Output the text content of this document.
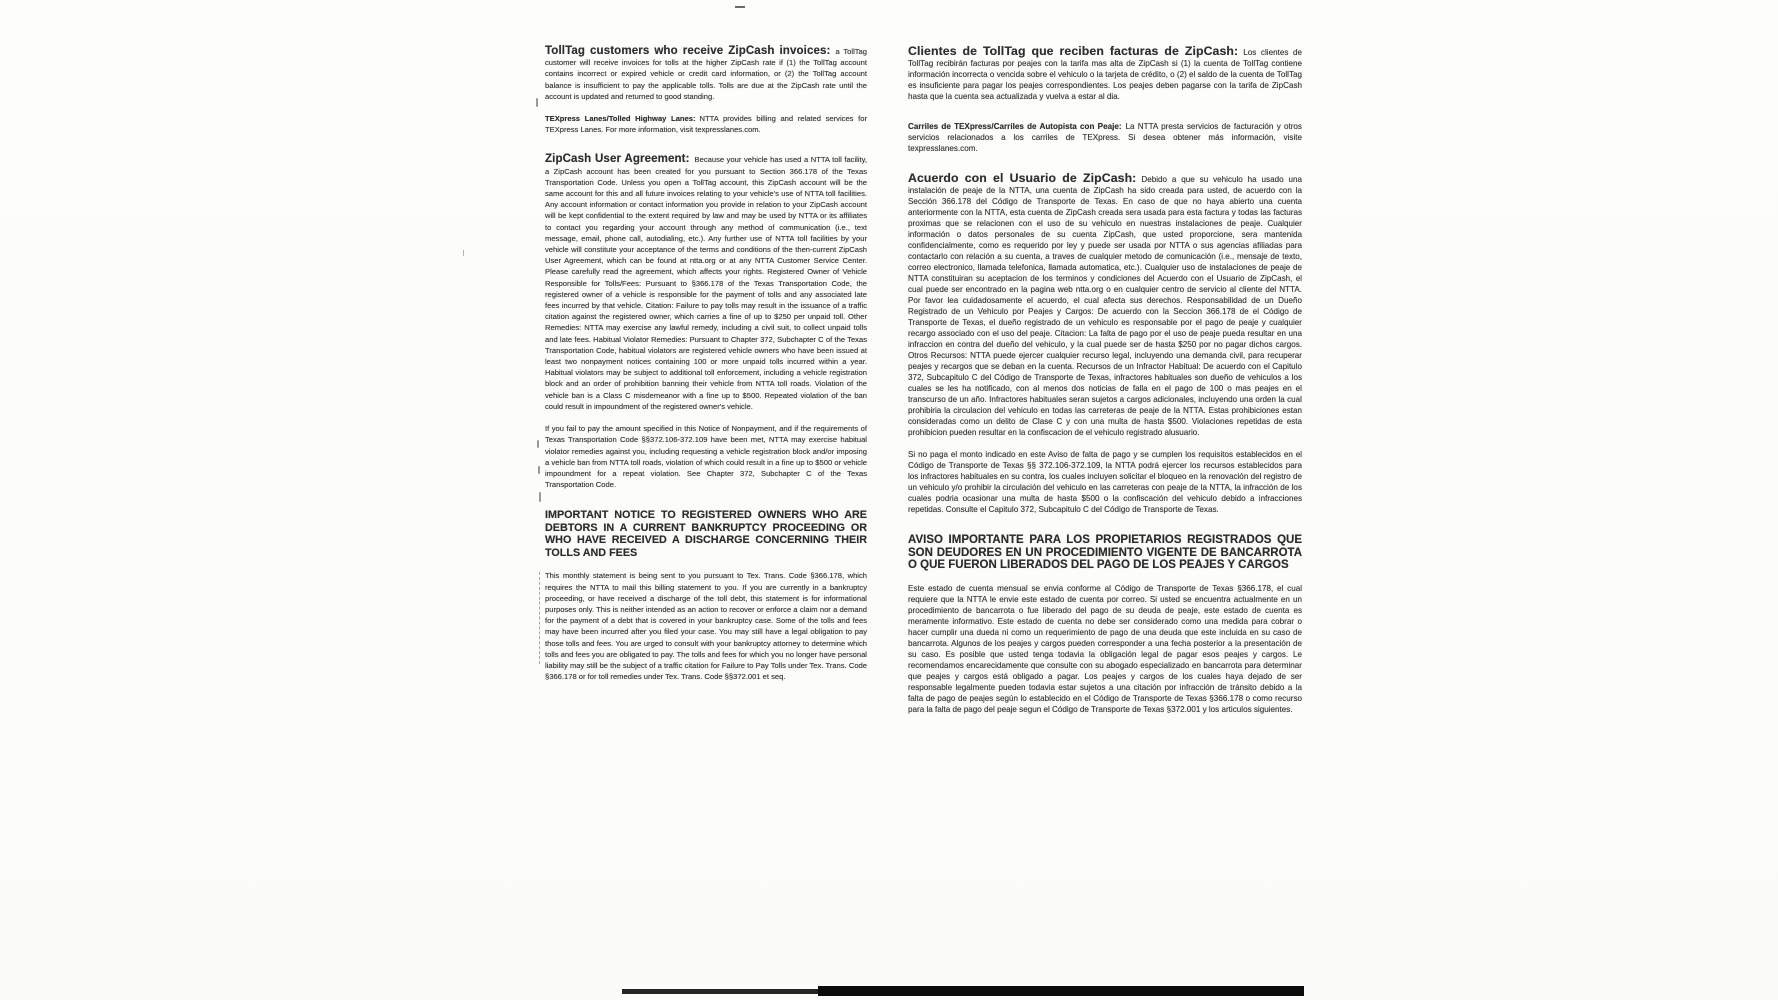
TollTag customers who receive ZipCash invoices: a TollTag customer will receive invoices for tolls at the higher ZipCash rate if (1) the TollTag account contains incorrect or expired vehicle or credit card information, or (2) the TollTag account balance is insufficient to pay the applicable tolls. Tolls are due at the ZipCash rate until the account is updated and returned to good standing.

TEXpress Lanes/Tolled Highway Lanes: NTTA provides billing and related services for TEXpress Lanes. For more information, visit texpresslanes.com.

ZipCash User Agreement: Because your vehicle has used a NTTA toll facility, a ZipCash account has been created for you pursuant to Section 366.178 of the Texas Transportation Code. Unless you open a TollTag account, this ZipCash account will be the same account for this and all future invoices relating to your vehicle's use of NTTA toll facilities. Any account information or contact information you provide in relation to your ZipCash account will be kept confidential to the extent required by law and may be used by NTTA or its affiliates to contact you regarding your account through any method of communication (i.e., text message, email, phone call, autodialing, etc.). Any further use of NTTA toll facilities by your vehicle will constitute your acceptance of the terms and conditions of the then-current ZipCash User Agreement, which can be found at ntta.org or at any NTTA Customer Service Center. Please carefully read the agreement, which affects your rights. Registered Owner of Vehicle Responsible for Tolls/Fees: Pursuant to §366.178 of the Texas Transportation Code, the registered owner of a vehicle is responsible for the payment of tolls and any associated late fees incurred by that vehicle. Citation: Failure to pay tolls may result in the issuance of a traffic citation against the registered owner, which carries a fine of up to $250 per unpaid toll. Other Remedies: NTTA may exercise any lawful remedy, including a civil suit, to collect unpaid tolls and late fees. Habitual Violator Remedies: Pursuant to Chapter 372, Subchapter C of the Texas Transportation Code, habitual violators are registered vehicle owners who have been issued at least two nonpayment notices containing 100 or more unpaid tolls incurred within a year. Habitual violators may be subject to additional toll enforcement, including a vehicle registration block and an order of prohibition banning their vehicle from NTTA toll roads. Violation of the vehicle ban is a Class C misdemeanor with a fine up to $500. Repeated violation of the ban could result in impoundment of the registered owner's vehicle.

If you fail to pay the amount specified in this Notice of Nonpayment, and if the requirements of Texas Transportation Code §§372.106-372.109 have been met, NTTA may exercise habitual violator remedies against you, including requesting a vehicle registration block and/or imposing a vehicle ban from NTTA toll roads, violation of which could result in a fine up to $500 or vehicle impoundment for a repeat violation. See Chapter 372, Subchapter C of the Texas Transportation Code.

IMPORTANT NOTICE TO REGISTERED OWNERS WHO ARE DEBTORS IN A CURRENT BANKRUPTCY PROCEEDING OR WHO HAVE RECEIVED A DISCHARGE CONCERNING THEIR TOLLS AND FEES

This monthly statement is being sent to you pursuant to Tex. Trans. Code §366.178, which requires the NTTA to mail this billing statement to you. If you are currently in a bankruptcy proceeding, or have received a discharge of the toll debt, this statement is for informational purposes only. This is neither intended as an action to recover or enforce a claim nor a demand for the payment of a debt that is covered in your bankruptcy case. Some of the tolls and fees may have been incurred after you filed your case. You may still have a legal obligation to pay those tolls and fees. You are urged to consult with your bankruptcy attorney to determine which tolls and fees you are obligated to pay. The tolls and fees for which you no longer have personal liability may still be the subject of a traffic citation for Failure to Pay Tolls under Tex. Trans. Code §366.178 or for toll remedies under Tex. Trans. Code §§372.001 et seq.

Clientes de TollTag que reciben facturas de ZipCash: Los clientes de TollTag recibirán facturas por peajes con la tarifa mas alta de ZipCash si (1) la cuenta de TollTag contiene información incorrecta o vencida sobre el vehiculo o la tarjeta de crédito, o (2) el saldo de la cuenta de TollTag es insuficiente para pagar los peajes correspondientes. Los peajes deben pagarse con la tarifa de ZipCash hasta que la cuenta sea actualizada y vuelva a estar al dia.

Carriles de TEXpress/Carriles de Autopista con Peaje: La NTTA presta servicios de facturación y otros servicios relacionados a los carriles de TEXpress. Si desea obtener más información, visite texpresslanes.com.

Acuerdo con el Usuario de ZipCash: Debido a que su vehiculo ha usado una instalación de peaje de la NTTA, una cuenta de ZipCash ha sido creada para usted, de acuerdo con la Sección 366.178 del Código de Transporte de Texas. En caso de que no haya abierto una cuenta anteriormente con la NTTA, esta cuenta de ZipCash creada sera usada para esta factura y todas las facturas proximas que se relacionen con el uso de su vehiculo en nuestras instalaciones de peaje. Cualquier información o datos personales de su cuenta ZipCash, que usted proporcione, sera mantenida confidencialmente, como es requerido por ley y puede ser usada por NTTA o sus agencias afiliadas para contactarlo con relación a su cuenta, a traves de cualquier metodo de comunicación (i.e., mensaje de texto, correo electronico, llamada telefonica, llamada automatica, etc.). Cualquier uso de instalaciones de peaje de NTTA constituiran su aceptacion de los terminos y condiciones del Acuerdo con el Usuario de ZipCash, el cual puede ser encontrado en la pagina web ntta.org o en cualquier centro de servicio al cliente del NTTA. Por favor lea cuidadosamente el acuerdo, el cual afecta sus derechos. Responsabilidad de un Dueño Registrado de un Vehiculo por Peajes y Cargos: De acuerdo con la Seccion 366.178 de el Código de Transporte de Texas, el dueño registrado de un vehiculo es responsable por el pago de peaje y cualquier recargo associado con el uso del peaje. Citacion: La falta de pago por el uso de peaje pueda resultar en una infraccion en contra del dueño del vehiculo, y la cual puede ser de hasta $250 por no pagar dichos cargos. Otros Recursos: NTTA puede ejercer cualquier recurso legal, incluyendo una demanda civil, para recuperar peajes y recargos que se deban en la cuenta. Recursos de un Infractor Habitual: De acuerdo con el Capitulo 372, Subcapitulo C del Código de Transporte de Texas, infractores habituales son dueño de vehiculos a los cuales se les ha notificado, con al menos dos noticias de falla en el pago de 100 o mas peajes en el transcurso de un año. Infractores habituales seran sujetos a cargos adicionales, incluyendo una orden la cual prohibiria la circulacion del vehiculo en todas las carreteras de peaje de la NTTA. Estas prohibiciones estan consideradas como un delito de Clase C y con una multa de hasta $500. Violaciones repetidas de esta prohibicion pueden resultar en la confiscacion de el vehiculo registrado alusuario.

Si no paga el monto indicado en este Aviso de falta de pago y se cumplen los requisitos establecidos en el Código de Transporte de Texas §§ 372.106-372.109, la NTTA podrá ejercer los recursos establecidos para los infractores habituales en su contra, los cuales incluyen solicitar el bloqueo en la renovación del registro de un vehiculo y/o prohibir la circulación del vehiculo en las carreteras con peaje de la NTTA, la infracción de los cuales podria ocasionar una multa de hasta $500 o la confiscación del vehiculo debido a infracciones repetidas. Consulte el Capitulo 372, Subcapitulo C del Código de Transporte de Texas.

AVISO IMPORTANTE PARA LOS PROPIETARIOS REGISTRADOS QUE SON DEUDORES EN UN PROCEDIMIENTO VIGENTE DE BANCARROTA O QUE FUERON LIBERADOS DEL PAGO DE LOS PEAJES Y CARGOS

Este estado de cuenta mensual se envia conforme al Código de Transporte de Texas §366.178, el cual requiere que la NTTA le envie este estado de cuenta por correo. Si usted se encuentra actualmente en un procedimiento de bancarrota o fue liberado del pago de su deuda de peaje, este estado de cuenta es meramente informativo. Este estado de cuenta no debe ser considerado como una medida para cobrar o hacer cumplir una dueda ni como un requerimiento de pago de una deuda que este incluida en su caso de bancarrota. Algunos de los peajes y cargos pueden corresponder a una fecha posterior a la presentación de su caso. Es posible que usted tenga todavia la obligación legal de pagar esos peajes y cargos. Le recomendamos encarecidamente que consulte con su abogado especializado en bancarrota para determinar que peajes y cargos está obligado a pagar. Los peajes y cargos de los cuales haya dejado de ser responsable legalmente pueden todavia estar sujetos a una citación por infracción de tránsito debido a la falta de pago de peajes según lo establecido en el Código de Transporte de Texas §366.178 o como recurso para la falta de pago del peaje segun el Código de Transporte de Texas §372.001 y los articulos siguientes.
